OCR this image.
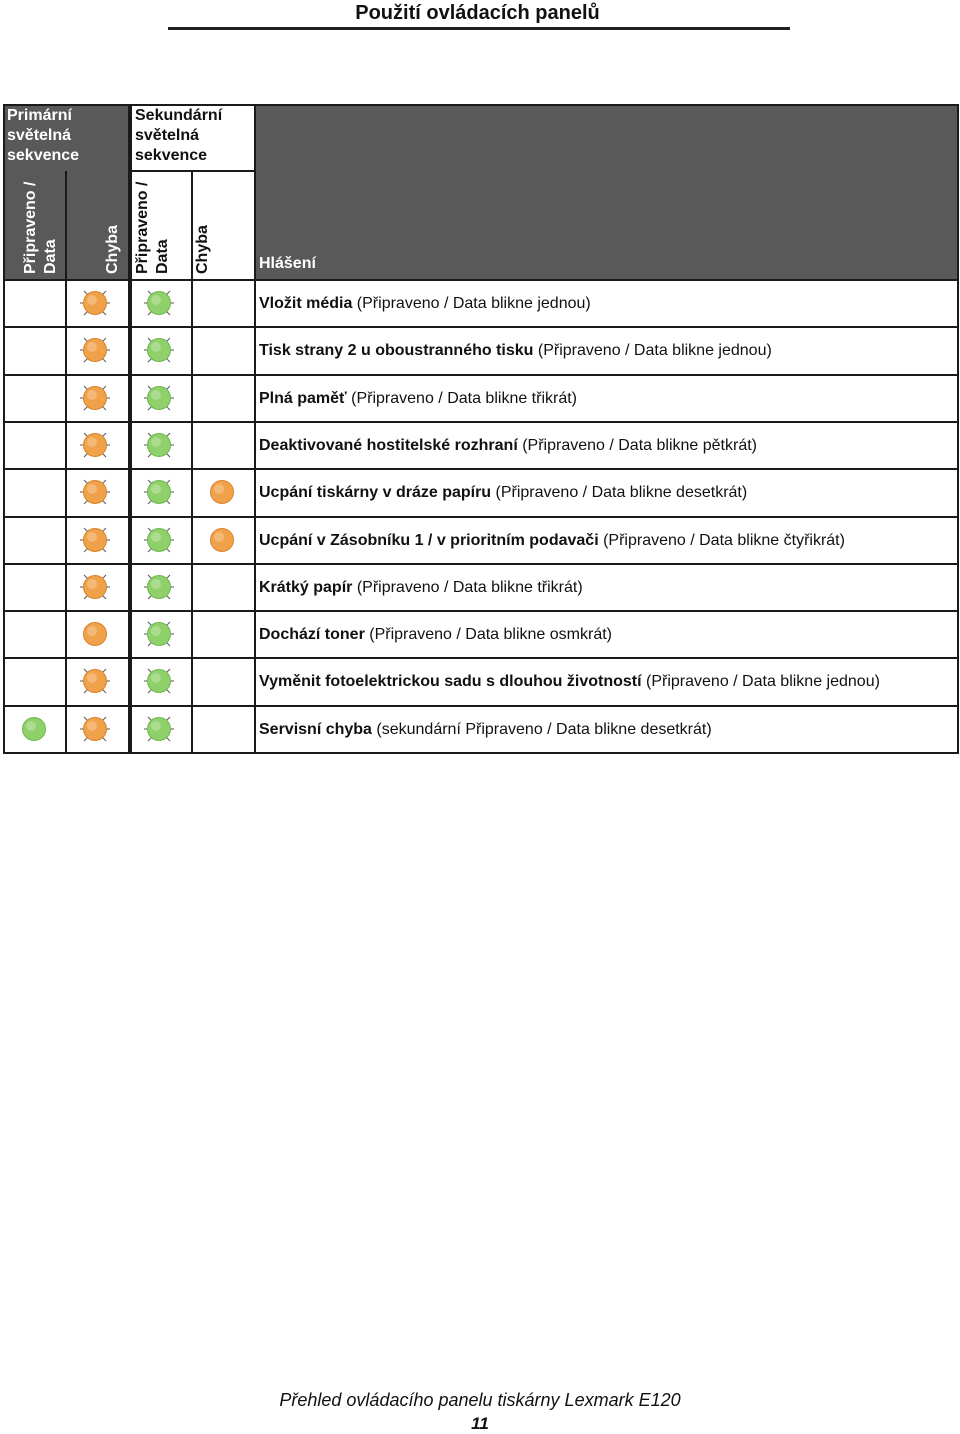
Použití ovládacích panelů
Primární světelná sekvence
Sekundární světelná sekvence
Připraveno / Data	Chyba Připraveno / Data Chyba	Hlášení
Vložit média (Připraveno / Data blikne jednou)
Tisk strany 2 u oboustranného tisku (Připraveno / Data blikne jednou)
Plná paměť (Připraveno / Data blikne třikrát)
Deaktivované hostitelské rozhraní (Připraveno / Data blikne pětkrát)
Ucpání tiskárny v dráze papíru (Připraveno / Data blikne desetkrát)
Ucpání v Zásobníku 1 / v prioritním podavači (Připraveno / Data blikne čtyřikrát)
Krátký papír (Připraveno / Data blikne třikrát)
Dochází toner (Připraveno / Data blikne osmkrát)
Vyměnit fotoelektrickou sadu s dlouhou životností (Připraveno / Data blikne jednou)
Servisní chyba (sekundární Připraveno / Data blikne desetkrát)
Přehled ovládacího panelu tiskárny Lexmark E120
11
